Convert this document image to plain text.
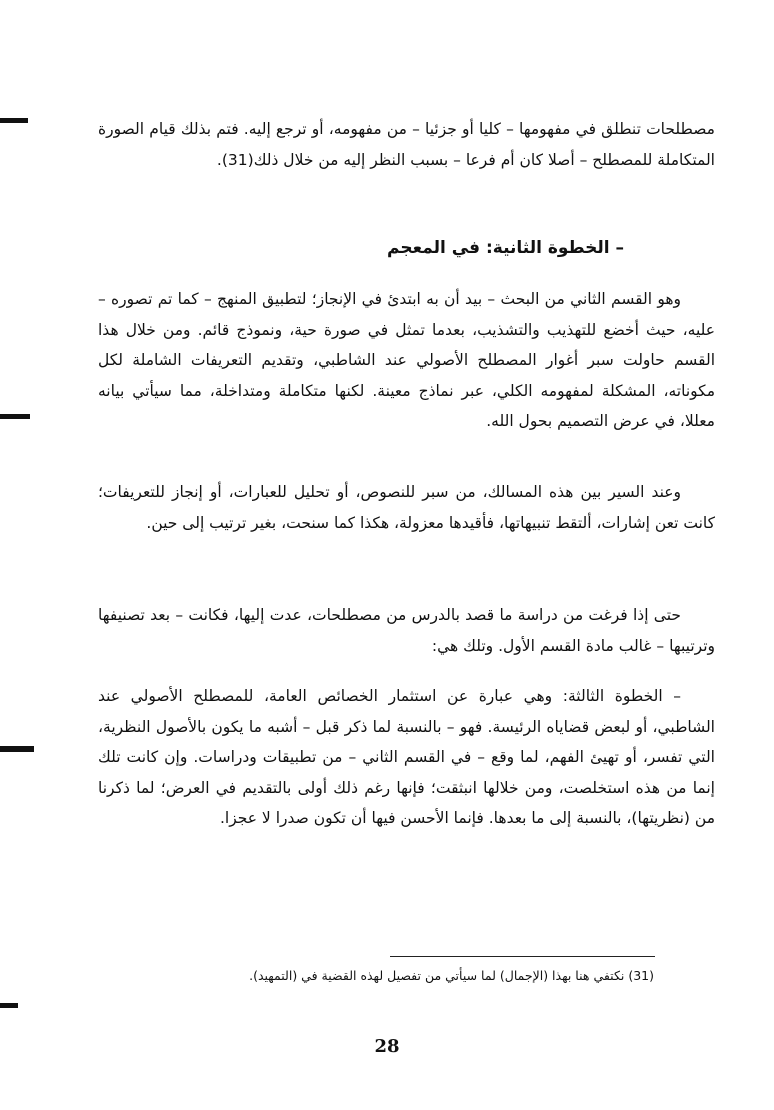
مصطلحات تنطلق في مفهومها – كليا أو جزئيا – من مفهومه، أو ترجع إليه. فتم بذلك قيام الصورة المتكاملة للمصطلح – أصلا كان أم فرعا – بسبب النظر إليه من خلال ذلك(31).

– الخطوة الثانية: في المعجم

وهو القسم الثاني من البحث – بيد أن به ابتدئ في الإنجاز؛ لتطبيق المنهج – كما تم تصوره – عليه، حيث أخضع للتهذيب والتشذيب، بعدما تمثل في صورة حية، ونموذج قائم. ومن خلال هذا القسم حاولت سبر أغوار المصطلح الأصولي عند الشاطبي، وتقديم التعريفات الشاملة لكل مكوناته، المشكلة لمفهومه الكلي، عبر نماذج معينة. لكنها متكاملة ومتداخلة، مما سيأتي بيانه معللا، في عرض التصميم بحول الله.

وعند السير بين هذه المسالك، من سبر للنصوص، أو تحليل للعبارات، أو إنجاز للتعريفات؛ كانت تعن إشارات، ألتقط تنبيهاتها، فأقيدها معزولة، هكذا كما سنحت، بغير ترتيب إلى حين.

حتى إذا فرغت من دراسة ما قصد بالدرس من مصطلحات، عدت إليها، فكانت – بعد تصنيفها وترتيبها – غالب مادة القسم الأول. وتلك هي:

– الخطوة الثالثة: وهي عبارة عن استثمار الخصائص العامة، للمصطلح الأصولي عند الشاطبي، أو لبعض قضاياه الرئيسة. فهو – بالنسبة لما ذكر قبل – أشبه ما يكون بالأصول النظرية، التي تفسر، أو تهيئ الفهم، لما وقع – في القسم الثاني – من تطبيقات ودراسات. وإن كانت تلك إنما من هذه استخلصت، ومن خلالها انبثقت؛ فإنها رغم ذلك أولى بالتقديم في العرض؛ لما ذكرنا من (نظريتها)، بالنسبة إلى ما بعدها. فإنما الأحسن فيها أن تكون صدرا لا عجزا.

(31) نكتفي هنا بهذا (الإجمال) لما سيأتي من تفصيل لهذه القضية في (التمهيد).
28
